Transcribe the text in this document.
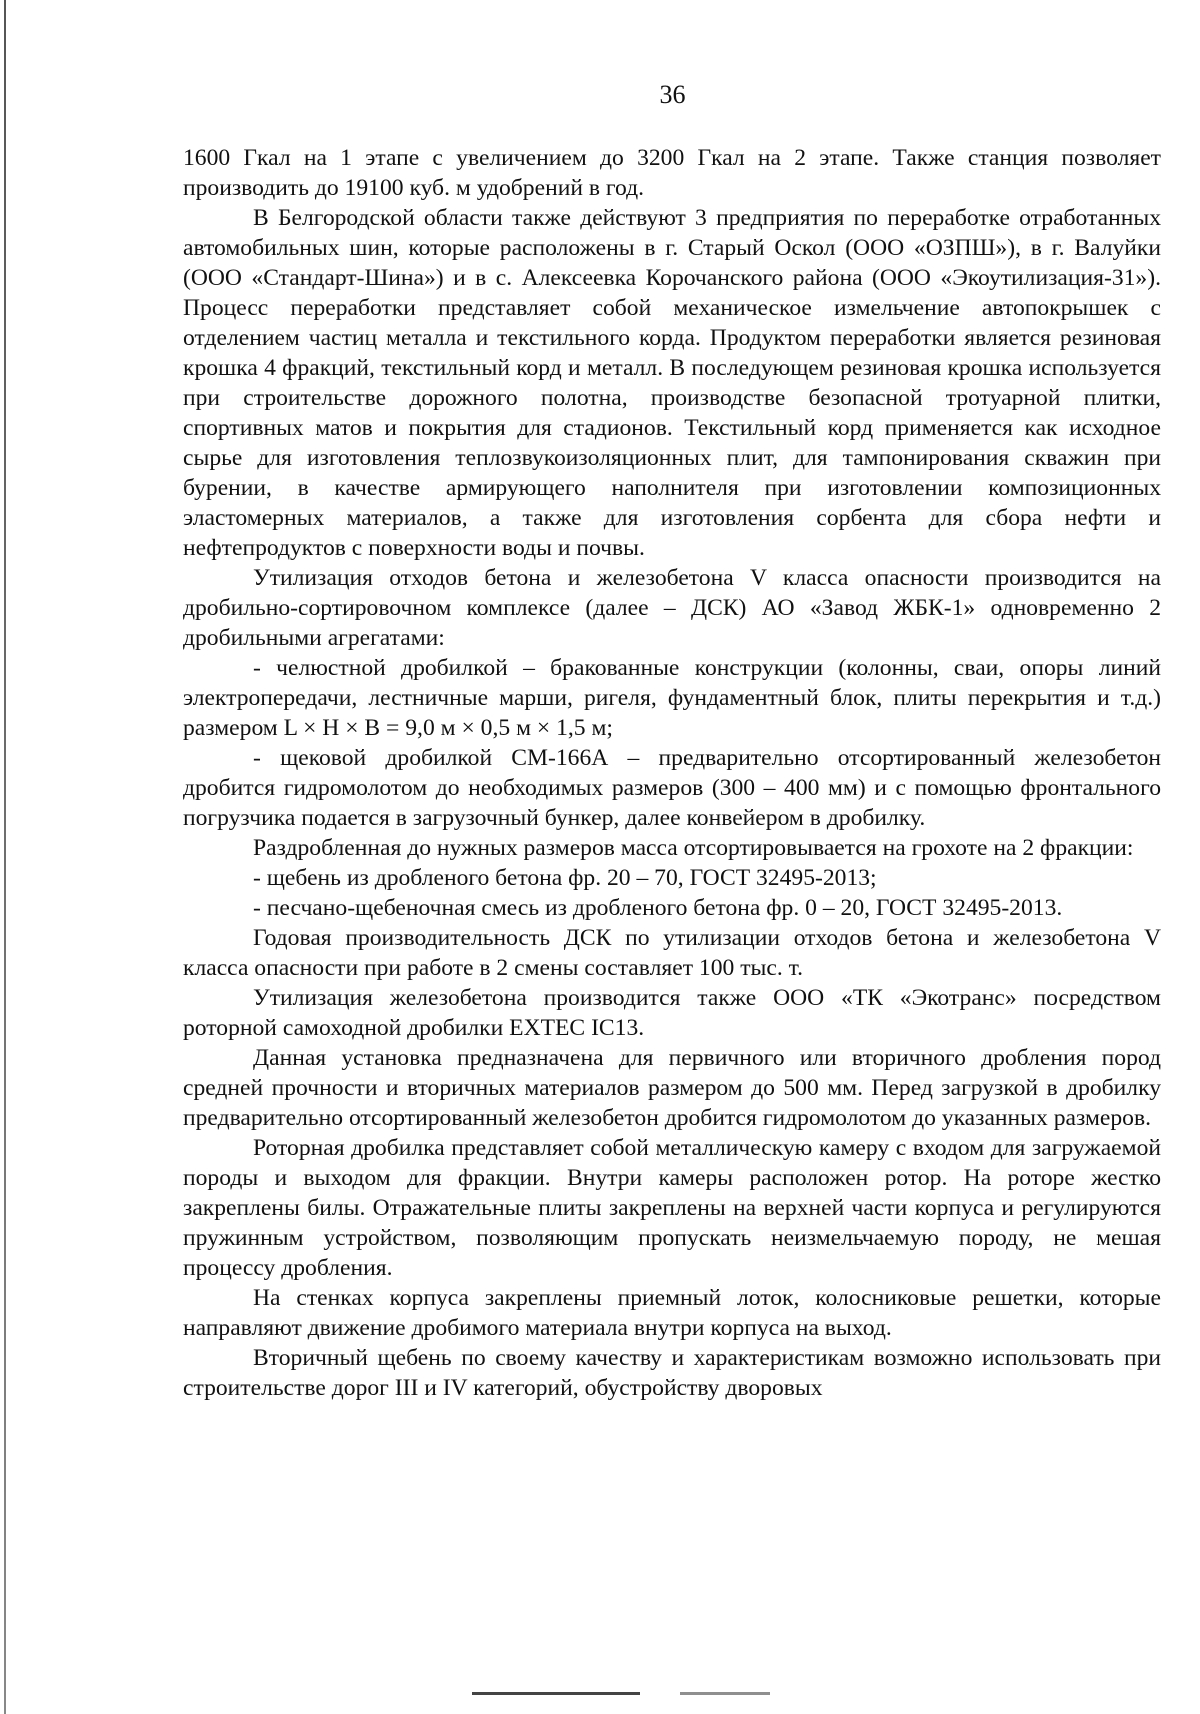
36

1600 Гкал на 1 этапе с увеличением до 3200 Гкал на 2 этапе. Также станция позволяет производить до 19100 куб. м удобрений в год.

В Белгородской области также действуют 3 предприятия по переработке отработанных автомобильных шин, которые расположены в г. Старый Оскол (ООО «ОЗПШ»), в г. Валуйки (ООО «Стандарт-Шина») и в с. Алексеевка Корочанского района (ООО «Экоутилизация-31»). Процесс переработки представляет собой механическое измельчение автопокрышек с отделением частиц металла и текстильного корда. Продуктом переработки является резиновая крошка 4 фракций, текстильный корд и металл. В последующем резиновая крошка используется при строительстве дорожного полотна, производстве безопасной тротуарной плитки, спортивных матов и покрытия для стадионов. Текстильный корд применяется как исходное сырье для изготовления теплозвукоизоляционных плит, для тампонирования скважин при бурении, в качестве армирующего наполнителя при изготовлении композиционных эластомерных материалов, а также для изготовления сорбента для сбора нефти и нефтепродуктов с поверхности воды и почвы.

Утилизация отходов бетона и железобетона V класса опасности производится на дробильно-сортировочном комплексе (далее – ДСК) АО «Завод ЖБК-1» одновременно 2 дробильными агрегатами:

- челюстной дробилкой – бракованные конструкции (колонны, сваи, опоры линий электропередачи, лестничные марши, ригеля, фундаментный блок, плиты перекрытия и т.д.) размером L × H × B = 9,0 м × 0,5 м × 1,5 м;

- щековой дробилкой СМ-166А – предварительно отсортированный железобетон дробится гидромолотом до необходимых размеров (300 – 400 мм) и с помощью фронтального погрузчика подается в загрузочный бункер, далее конвейером в дробилку.

Раздробленная до нужных размеров масса отсортировывается на грохоте на 2 фракции:

- щебень из дробленого бетона фр. 20 – 70, ГОСТ 32495-2013;

- песчано-щебеночная смесь из дробленого бетона фр. 0 – 20, ГОСТ 32495-2013.

Годовая производительность ДСК по утилизации отходов бетона и железобетона V класса опасности при работе в 2 смены составляет 100 тыс. т.

Утилизация железобетона производится также ООО «ТК «Экотранс» посредством роторной самоходной дробилки EXTEC IC13.

Данная установка предназначена для первичного или вторичного дробления пород средней прочности и вторичных материалов размером до 500 мм. Перед загрузкой в дробилку предварительно отсортированный железобетон дробится гидромолотом до указанных размеров.

Роторная дробилка представляет собой металлическую камеру с входом для загружаемой породы и выходом для фракции. Внутри камеры расположен ротор. На роторе жестко закреплены билы. Отражательные плиты закреплены на верхней части корпуса и регулируются пружинным устройством, позволяющим пропускать неизмельчаемую породу, не мешая процессу дробления.

На стенках корпуса закреплены приемный лоток, колосниковые решетки, которые направляют движение дробимого материала внутри корпуса на выход.

Вторичный щебень по своему качеству и характеристикам возможно использовать при строительстве дорог III и IV категорий, обустройству дворовых
